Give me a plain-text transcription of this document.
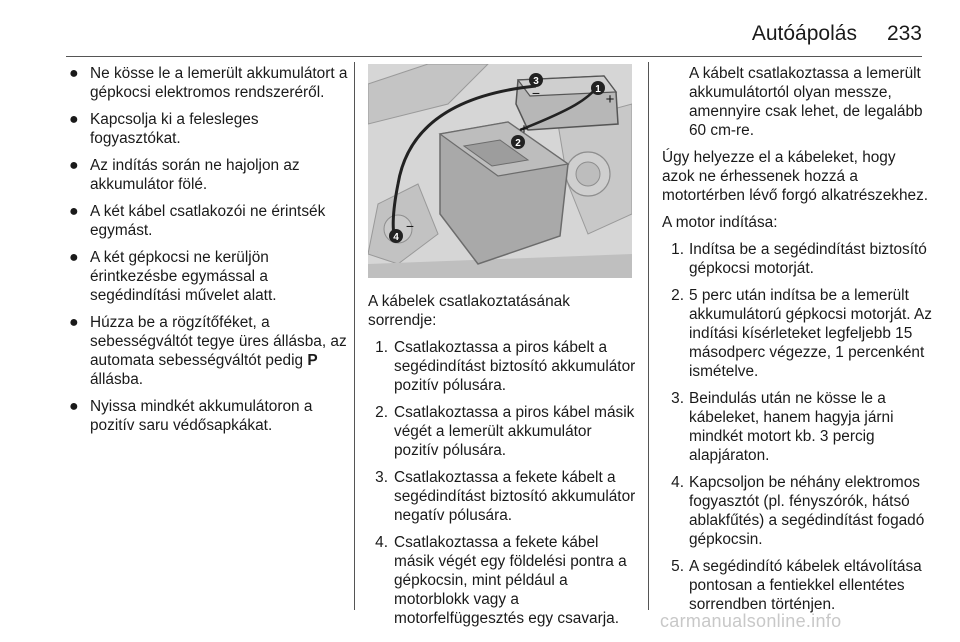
Autóápolás 233
● Ne kösse le a lemerült akkumulátort a gépkocsi elektromos rendszeréről.
● Kapcsolja ki a felesleges fogyasztókat.
● Az indítás során ne hajoljon az akkumulátor fölé.
● A két kábel csatlakozói ne érintsék egymást.
● A két gépkocsi ne kerüljön érintkezésbe egymással a segédindítási művelet alatt.
● Húzza be a rögzítőféket, a sebességváltót tegye üres állásba, az automata sebességváltót pedig P állásba.
● Nyissa mindkét akkumulátoron a pozitív saru védősapkákat.
3
−	1
+
2
+
4
−

A kábelek csatlakoztatásának sorrendje:

1. Csatlakoztassa a piros kábelt a segédindítást biztosító akkumulátor pozitív pólusára.
2. Csatlakoztassa a piros kábel másik végét a lemerült akkumulátor pozitív pólusára.
3. Csatlakoztassa a fekete kábelt a segédindítást biztosító akkumulátor negatív pólusára.
4. Csatlakoztassa a fekete kábel másik végét egy földelési pontra a gépkocsin, mint például a motorblokk vagy a motorfelfüggesztés egy csavarja.
A kábelt csatlakoztassa a lemerült akkumulátortól olyan messze, amennyire csak lehet, de legalább 60 cm-re.

Úgy helyezze el a kábeleket, hogy azok ne érhessenek hozzá a motortérben lévő forgó alkatrészekhez.

A motor indítása:

1. Indítsa be a segédindítást biztosító gépkocsi motorját.
2. 5 perc után indítsa be a lemerült akkumulátorú gépkocsi motorját. Az indítási kísérleteket legfeljebb 15 másodperc végezze, 1 percenként ismételve.
3. Beindulás után ne kösse le a kábeleket, hanem hagyja járni mindkét motort kb. 3 percig alapjáraton.
4. Kapcsoljon be néhány elektromos fogyasztót (pl. fényszórók, hátsó ablakfűtés) a segédindítást fogadó gépkocsin.
5. A segédindító kábelek eltávolítása pontosan a fentiekkel ellentétes sorrendben történjen.
carmanualsonline.info
